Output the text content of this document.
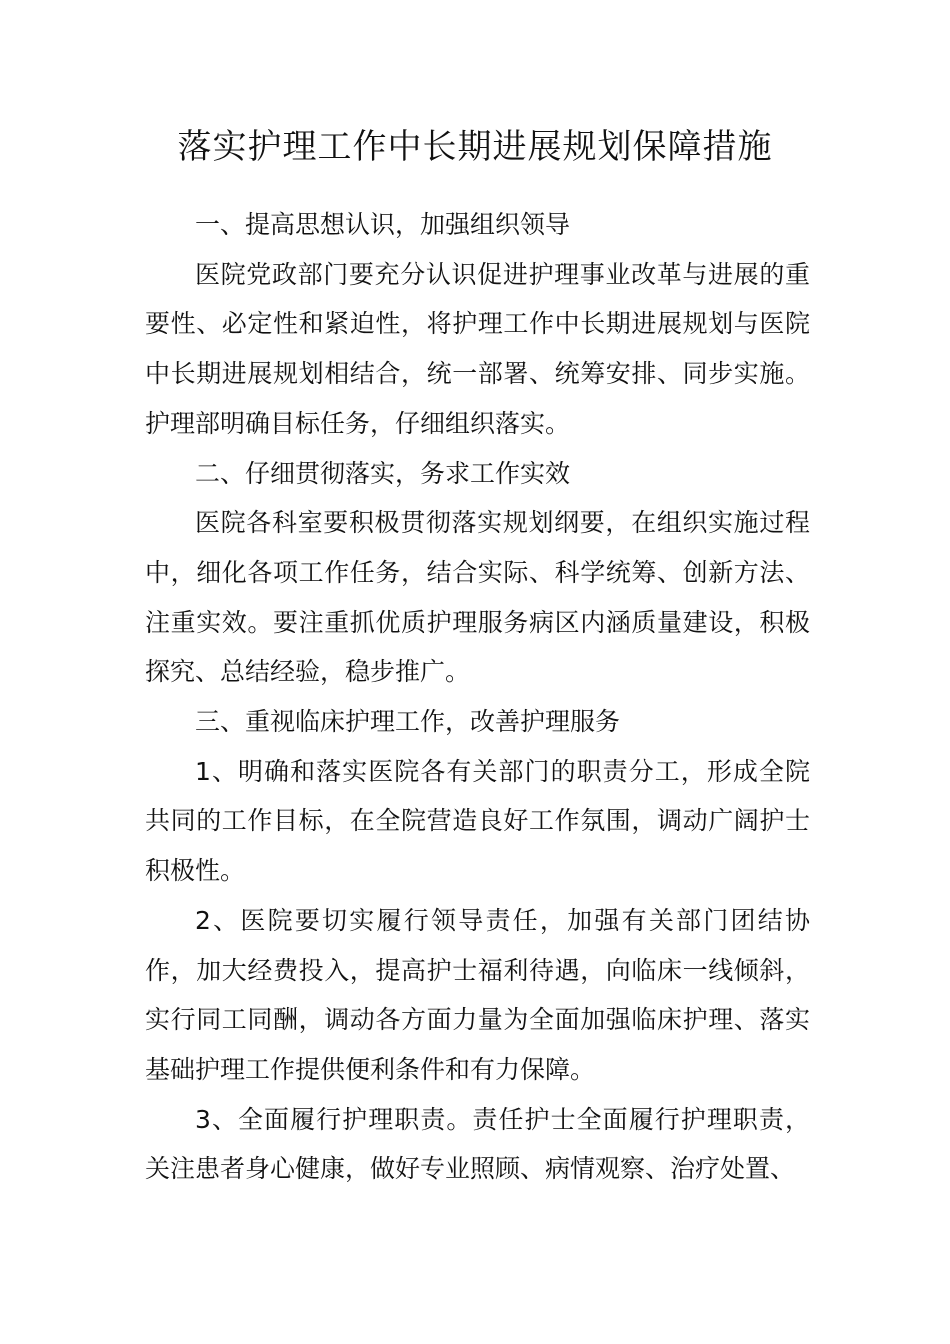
落实护理工作中长期进展规划保障措施

一、提高思想认识，加强组织领导

医院党政部门要充分认识促进护理事业改革与进展的重要性、必定性和紧迫性，将护理工作中长期进展规划与医院中长期进展规划相结合，统一部署、统筹安排、同步实施。护理部明确目标任务，仔细组织落实。

二、仔细贯彻落实，务求工作实效

医院各科室要积极贯彻落实规划纲要，在组织实施过程中，细化各项工作任务，结合实际、科学统筹、创新方法、注重实效。要注重抓优质护理服务病区内涵质量建设，积极探究、总结经验，稳步推广。

三、重视临床护理工作，改善护理服务

1、明确和落实医院各有关部门的职责分工，形成全院共同的工作目标，在全院营造良好工作氛围，调动广阔护士积极性。

2、医院要切实履行领导责任，加强有关部门团结协作，加大经费投入，提高护士福利待遇，向临床一线倾斜，实行同工同酬，调动各方面力量为全面加强临床护理、落实基础护理工作提供便利条件和有力保障。

3、全面履行护理职责。责任护士全面履行护理职责，关注患者身心健康，做好专业照顾、病情观察、治疗处置、
